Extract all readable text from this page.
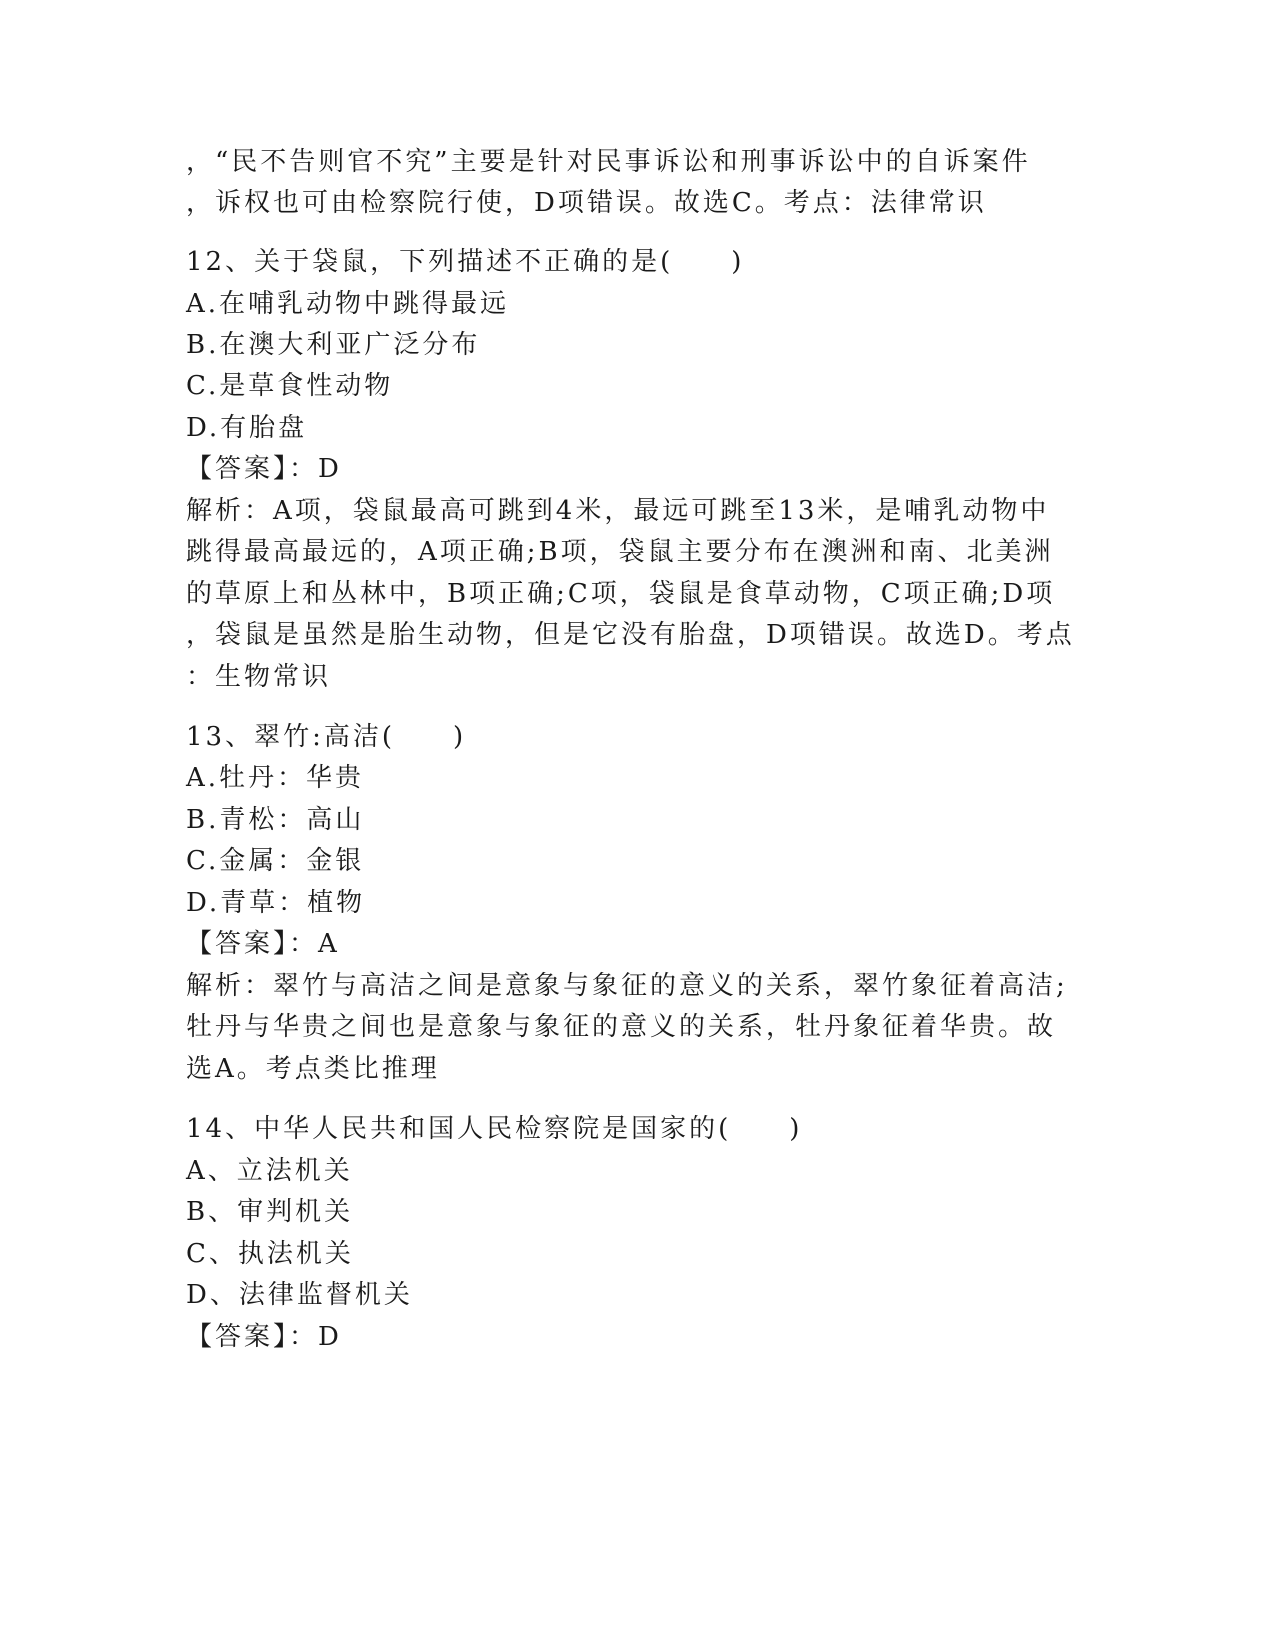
，“民不告则官不究”主要是针对民事诉讼和刑事诉讼中的自诉案件
，诉权也可由检察院行使，D项错误。故选C。考点：法律常识
12、关于袋鼠，下列描述不正确的是(　　)
A.在哺乳动物中跳得最远
B.在澳大利亚广泛分布
C.是草食性动物
D.有胎盘
【答案】：D
解析：A项，袋鼠最高可跳到4米，最远可跳至13米，是哺乳动物中
跳得最高最远的，A项正确;B项，袋鼠主要分布在澳洲和南、北美洲
的草原上和丛林中，B项正确;C项，袋鼠是食草动物，C项正确;D项
，袋鼠是虽然是胎生动物，但是它没有胎盘，D项错误。故选D。考点
：生物常识
13、翠竹:高洁(　　)
A.牡丹：华贵
B.青松：高山
C.金属：金银
D.青草：植物
【答案】：A
解析：翠竹与高洁之间是意象与象征的意义的关系，翠竹象征着高洁;
牡丹与华贵之间也是意象与象征的意义的关系，牡丹象征着华贵。故
选A。考点类比推理
14、中华人民共和国人民检察院是国家的(　　)
A、立法机关
B、审判机关
C、执法机关
D、法律监督机关
【答案】：D
